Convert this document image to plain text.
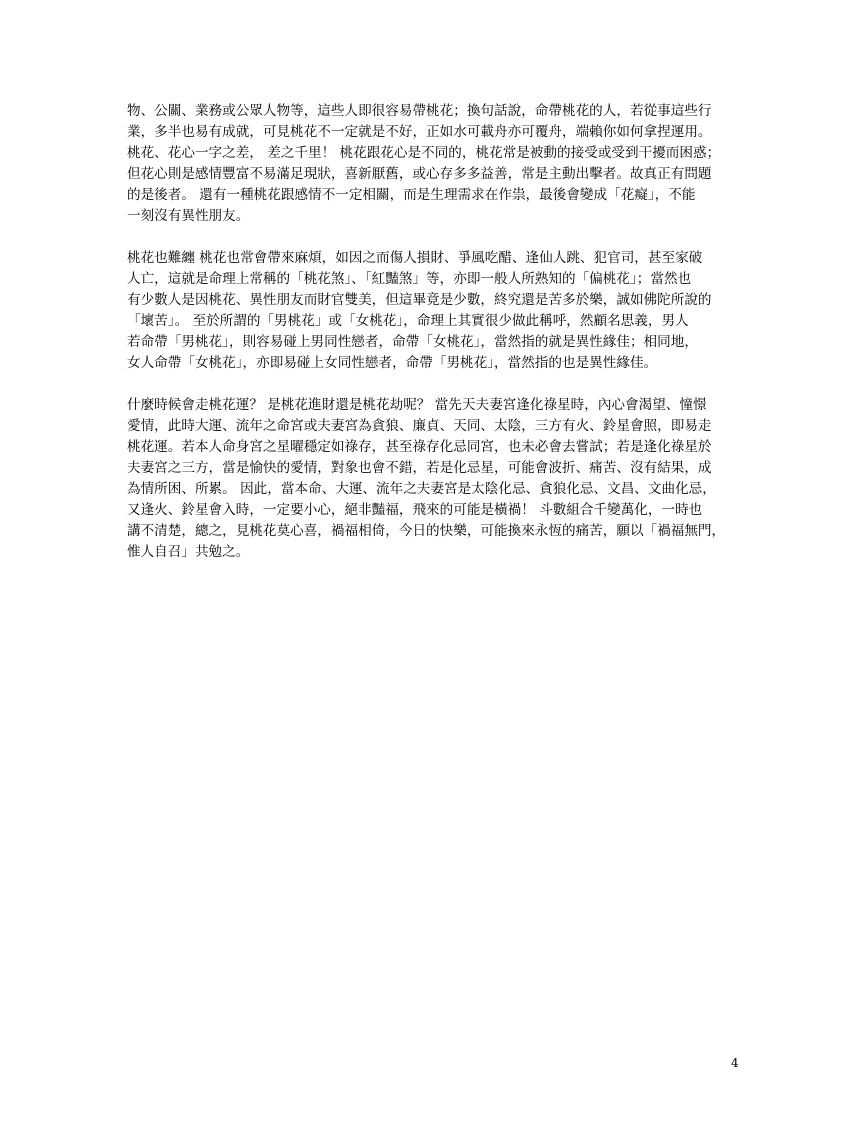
物、公關、業務或公眾人物等，這些人即很容易帶桃花；換句話說，命帶桃花的人，若從事這些行
業，多半也易有成就，可見桃花不一定就是不好，正如水可載舟亦可覆舟，端賴你如何拿捏運用。
桃花、花心一字之差， 差之千里！ 桃花跟花心是不同的，桃花常是被動的接受或受到干擾而困惑；
但花心則是感情豐富不易滿足現狀，喜新厭舊，或心存多多益善，常是主動出擊者。故真正有問題
的是後者。 還有一種桃花跟感情不一定相關，而是生理需求在作祟，最後會變成「花癡」，不能
一刻沒有異性朋友。
桃花也難纏 桃花也常會帶來麻煩，如因之而傷人損財、爭風吃醋、逢仙人跳、犯官司，甚至家破
人亡，這就是命理上常稱的「桃花煞」、「紅豔煞」等，亦即一般人所熟知的「偏桃花」；當然也
有少數人是因桃花、異性朋友而財官雙美，但這畢竟是少數，終究還是苦多於樂，誠如佛陀所說的
「壞苦」。 至於所謂的「男桃花」或「女桃花」，命理上其實很少做此稱呼，然顧名思義，男人
若命帶「男桃花」，則容易碰上男同性戀者，命帶「女桃花」，當然指的就是異性緣佳；相同地，
女人命帶「女桃花」，亦即易碰上女同性戀者，命帶「男桃花」，當然指的也是異性緣佳。
什麼時候會走桃花運？ 是桃花進財還是桃花劫呢？ 當先天夫妻宮逢化祿星時，內心會渴望、憧憬
愛情，此時大運、流年之命宮或夫妻宮為貪狼、廉貞、天同、太陰，三方有火、鈴星會照，即易走
桃花運。若本人命身宮之星曜穩定如祿存，甚至祿存化忌同宮，也未必會去嘗試；若是逢化祿星於
夫妻宮之三方，當是愉快的愛情，對象也會不錯，若是化忌星，可能會波折、痛苦、沒有結果，成
為情所困、所累。 因此，當本命、大運、流年之夫妻宮是太陰化忌、貪狼化忌、文昌、文曲化忌，
又逢火、鈴星會入時，一定要小心，絕非豔福，飛來的可能是橫禍！ 斗數組合千變萬化，一時也
講不清楚，總之，見桃花莫心喜，禍福相倚，今日的快樂，可能換來永恆的痛苦，願以「禍福無門，
惟人自召」共勉之。
4
